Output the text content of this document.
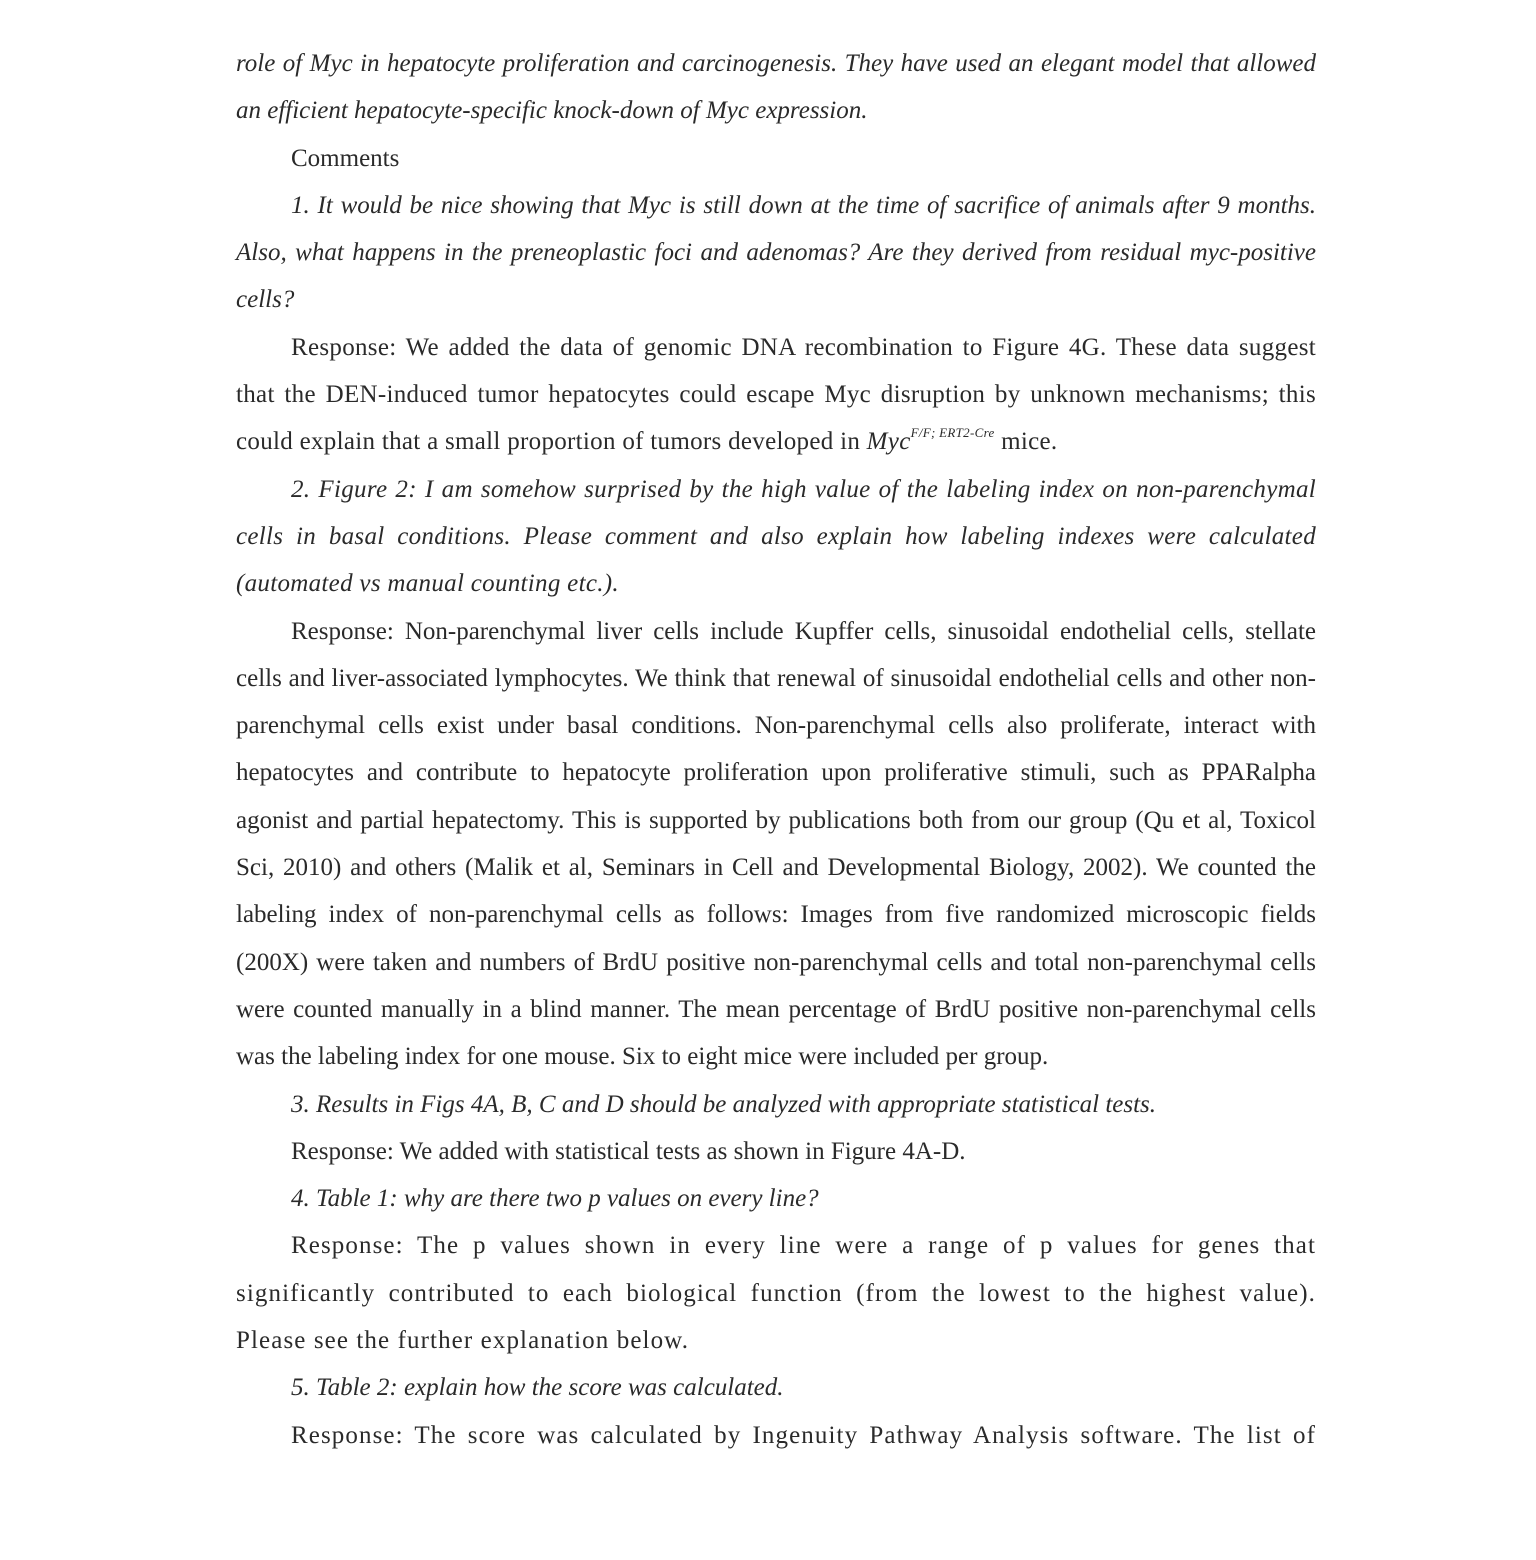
role of Myc in hepatocyte proliferation and carcinogenesis. They have used an elegant model that allowed an efficient hepatocyte-specific knock-down of Myc expression.

Comments

1. It would be nice showing that Myc is still down at the time of sacrifice of animals after 9 months. Also, what happens in the preneoplastic foci and adenomas? Are they derived from residual myc-positive cells?

Response: We added the data of genomic DNA recombination to Figure 4G. These data suggest that the DEN-induced tumor hepatocytes could escape Myc disruption by unknown mechanisms; this could explain that a small proportion of tumors developed in Myc$^{F/F; ERT2-Cre}$ mice.

2. Figure 2: I am somehow surprised by the high value of the labeling index on non-parenchymal cells in basal conditions. Please comment and also explain how labeling indexes were calculated (automated vs manual counting etc.).

Response: Non-parenchymal liver cells include Kupffer cells, sinusoidal endothelial cells, stellate cells and liver-associated lymphocytes. We think that renewal of sinusoidal endothelial cells and other non-parenchymal cells exist under basal conditions. Non-parenchymal cells also proliferate, interact with hepatocytes and contribute to hepatocyte proliferation upon proliferative stimuli, such as PPARalpha agonist and partial hepatectomy. This is supported by publications both from our group (Qu et al, Toxicol Sci, 2010) and others (Malik et al, Seminars in Cell and Developmental Biology, 2002). We counted the labeling index of non-parenchymal cells as follows: Images from five randomized microscopic fields (200X) were taken and numbers of BrdU positive non-parenchymal cells and total non-parenchymal cells were counted manually in a blind manner. The mean percentage of BrdU positive non-parenchymal cells was the labeling index for one mouse. Six to eight mice were included per group.

3. Results in Figs 4A, B, C and D should be analyzed with appropriate statistical tests.

Response: We added with statistical tests as shown in Figure 4A-D.

4. Table 1: why are there two p values on every line?

Response: The p values shown in every line were a range of p values for genes that significantly contributed to each biological function (from the lowest to the highest value). Please see the further explanation below.

5. Table 2: explain how the score was calculated.

Response: The score was calculated by Ingenuity Pathway Analysis software. The list of
